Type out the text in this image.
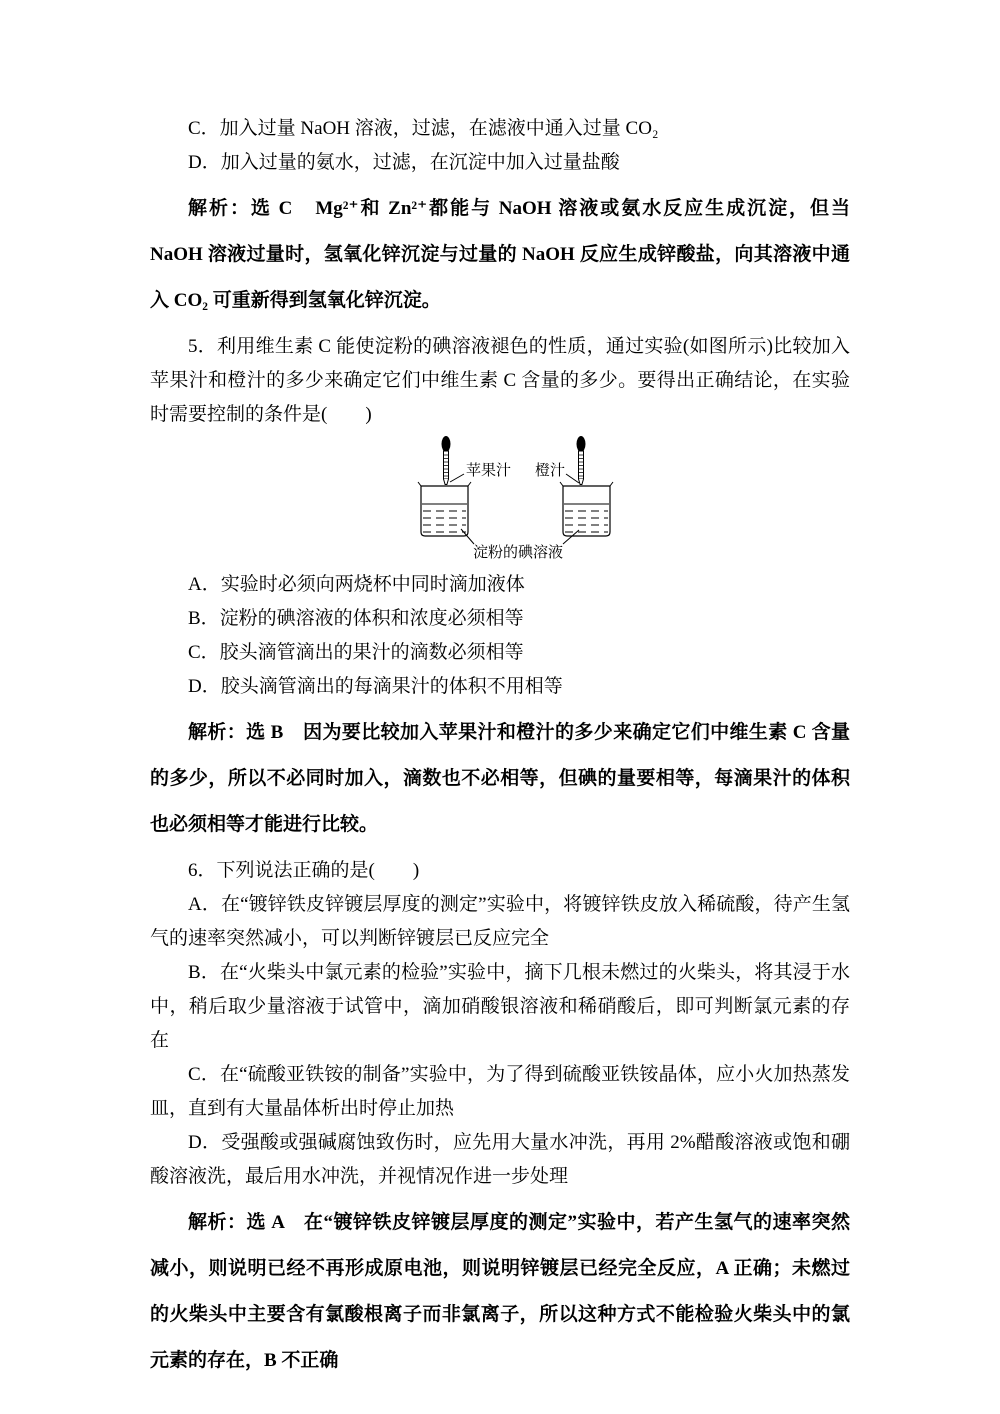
C．加入过量 NaOH 溶液，过滤，在滤液中通入过量 CO₂

D．加入过量的氨水，过滤，在沉淀中加入过量盐酸

解析：选 C　Mg²⁺和 Zn²⁺都能与 NaOH 溶液或氨水反应生成沉淀，但当 NaOH 溶液过量时，氢氧化锌沉淀与过量的 NaOH 反应生成锌酸盐，向其溶液中通入 CO₂ 可重新得到氢氧化锌沉淀。

5．利用维生素 C 能使淀粉的碘溶液褪色的性质，通过实验(如图所示)比较加入苹果汁和橙汁的多少来确定它们中维生素 C 含量的多少。要得出正确结论，在实验时需要控制的条件是(　　)

苹果汁 橙汁
淀粉的碘溶液

A．实验时必须向两烧杯中同时滴加液体

B．淀粉的碘溶液的体积和浓度必须相等

C．胶头滴管滴出的果汁的滴数必须相等

D．胶头滴管滴出的每滴果汁的体积不用相等

解析：选 B　因为要比较加入苹果汁和橙汁的多少来确定它们中维生素 C 含量的多少，所以不必同时加入，滴数也不必相等，但碘的量要相等，每滴果汁的体积也必须相等才能进行比较。

6．下列说法正确的是(　　)

A．在“镀锌铁皮锌镀层厚度的测定”实验中，将镀锌铁皮放入稀硫酸，待产生氢气的速率突然减小，可以判断锌镀层已反应完全

B．在“火柴头中氯元素的检验”实验中，摘下几根未燃过的火柴头，将其浸于水中，稍后取少量溶液于试管中，滴加硝酸银溶液和稀硝酸后，即可判断氯元素的存在

C．在“硫酸亚铁铵的制备”实验中，为了得到硫酸亚铁铵晶体，应小火加热蒸发皿，直到有大量晶体析出时停止加热

D．受强酸或强碱腐蚀致伤时，应先用大量水冲洗，再用 2%醋酸溶液或饱和硼酸溶液洗，最后用水冲洗，并视情况作进一步处理

解析：选 A　在“镀锌铁皮锌镀层厚度的测定”实验中，若产生氢气的速率突然减小，则说明已经不再形成原电池，则说明锌镀层已经完全反应，A 正确；未燃过的火柴头中主要含有氯酸根离子而非氯离子，所以这种方式不能检验火柴头中的氯元素的存在，B 不正确
